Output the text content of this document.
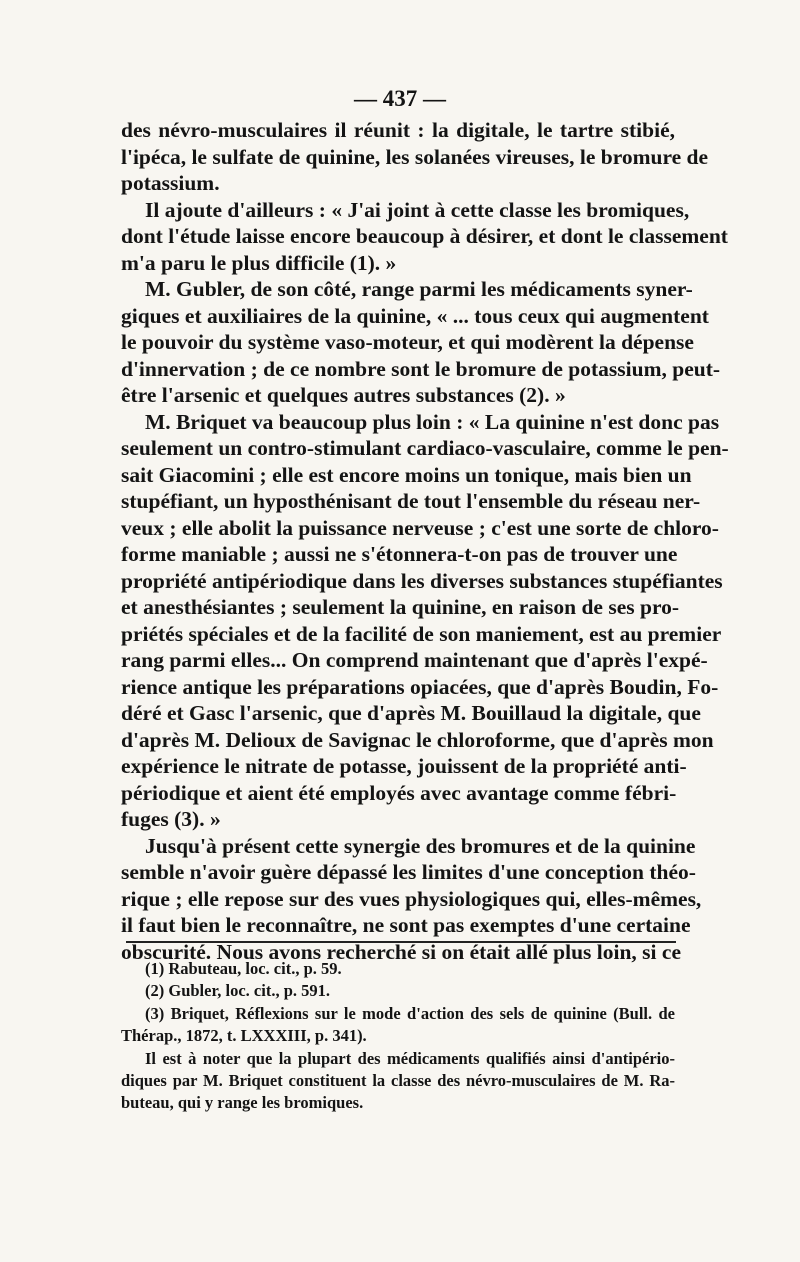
— 437 —
des névro-musculaires il réunit : la digitale, le tartre stibié,
l'ipéca, le sulfate de quinine, les solanées vireuses, le bromure de
potassium.
Il ajoute d'ailleurs : « J'ai joint à cette classe les bromiques,
dont l'étude laisse encore beaucoup à désirer, et dont le classement
m'a paru le plus difficile (1). »
M. Gubler, de son côté, range parmi les médicaments syner-
giques et auxiliaires de la quinine, « ... tous ceux qui augmentent
le pouvoir du système vaso-moteur, et qui modèrent la dépense
d'innervation ; de ce nombre sont le bromure de potassium, peut-
être l'arsenic et quelques autres substances (2). »
M. Briquet va beaucoup plus loin : « La quinine n'est donc pas
seulement un contro-stimulant cardiaco-vasculaire, comme le pen-
sait Giacomini ; elle est encore moins un tonique, mais bien un
stupéfiant, un hyposthénisant de tout l'ensemble du réseau ner-
veux ; elle abolit la puissance nerveuse ; c'est une sorte de chloro-
forme maniable ; aussi ne s'étonnera-t-on pas de trouver une
propriété antipériodique dans les diverses substances stupéfiantes
et anesthésiantes ; seulement la quinine, en raison de ses pro-
priétés spéciales et de la facilité de son maniement, est au premier
rang parmi elles... On comprend maintenant que d'après l'expé-
rience antique les préparations opiacées, que d'après Boudin, Fo-
déré et Gasc l'arsenic, que d'après M. Bouillaud la digitale, que
d'après M. Delioux de Savignac le chloroforme, que d'après mon
expérience le nitrate de potasse, jouissent de la propriété anti-
périodique et aient été employés avec avantage comme fébri-
fuges (3). »
Jusqu'à présent cette synergie des bromures et de la quinine
semble n'avoir guère dépassé les limites d'une conception théo-
rique ; elle repose sur des vues physiologiques qui, elles-mêmes,
il faut bien le reconnaître, ne sont pas exemptes d'une certaine
obscurité. Nous avons recherché si on était allé plus loin, si ce
(1) Rabuteau, loc. cit., p. 59.
(2) Gubler, loc. cit., p. 591.
(3) Briquet, Réflexions sur le mode d'action des sels de quinine (Bull. de
Thérap., 1872, t. LXXXIII, p. 341).
Il est à noter que la plupart des médicaments qualifiés ainsi d'antipério-
diques par M. Briquet constituent la classe des névro-musculaires de M. Ra-
buteau, qui y range les bromiques.
